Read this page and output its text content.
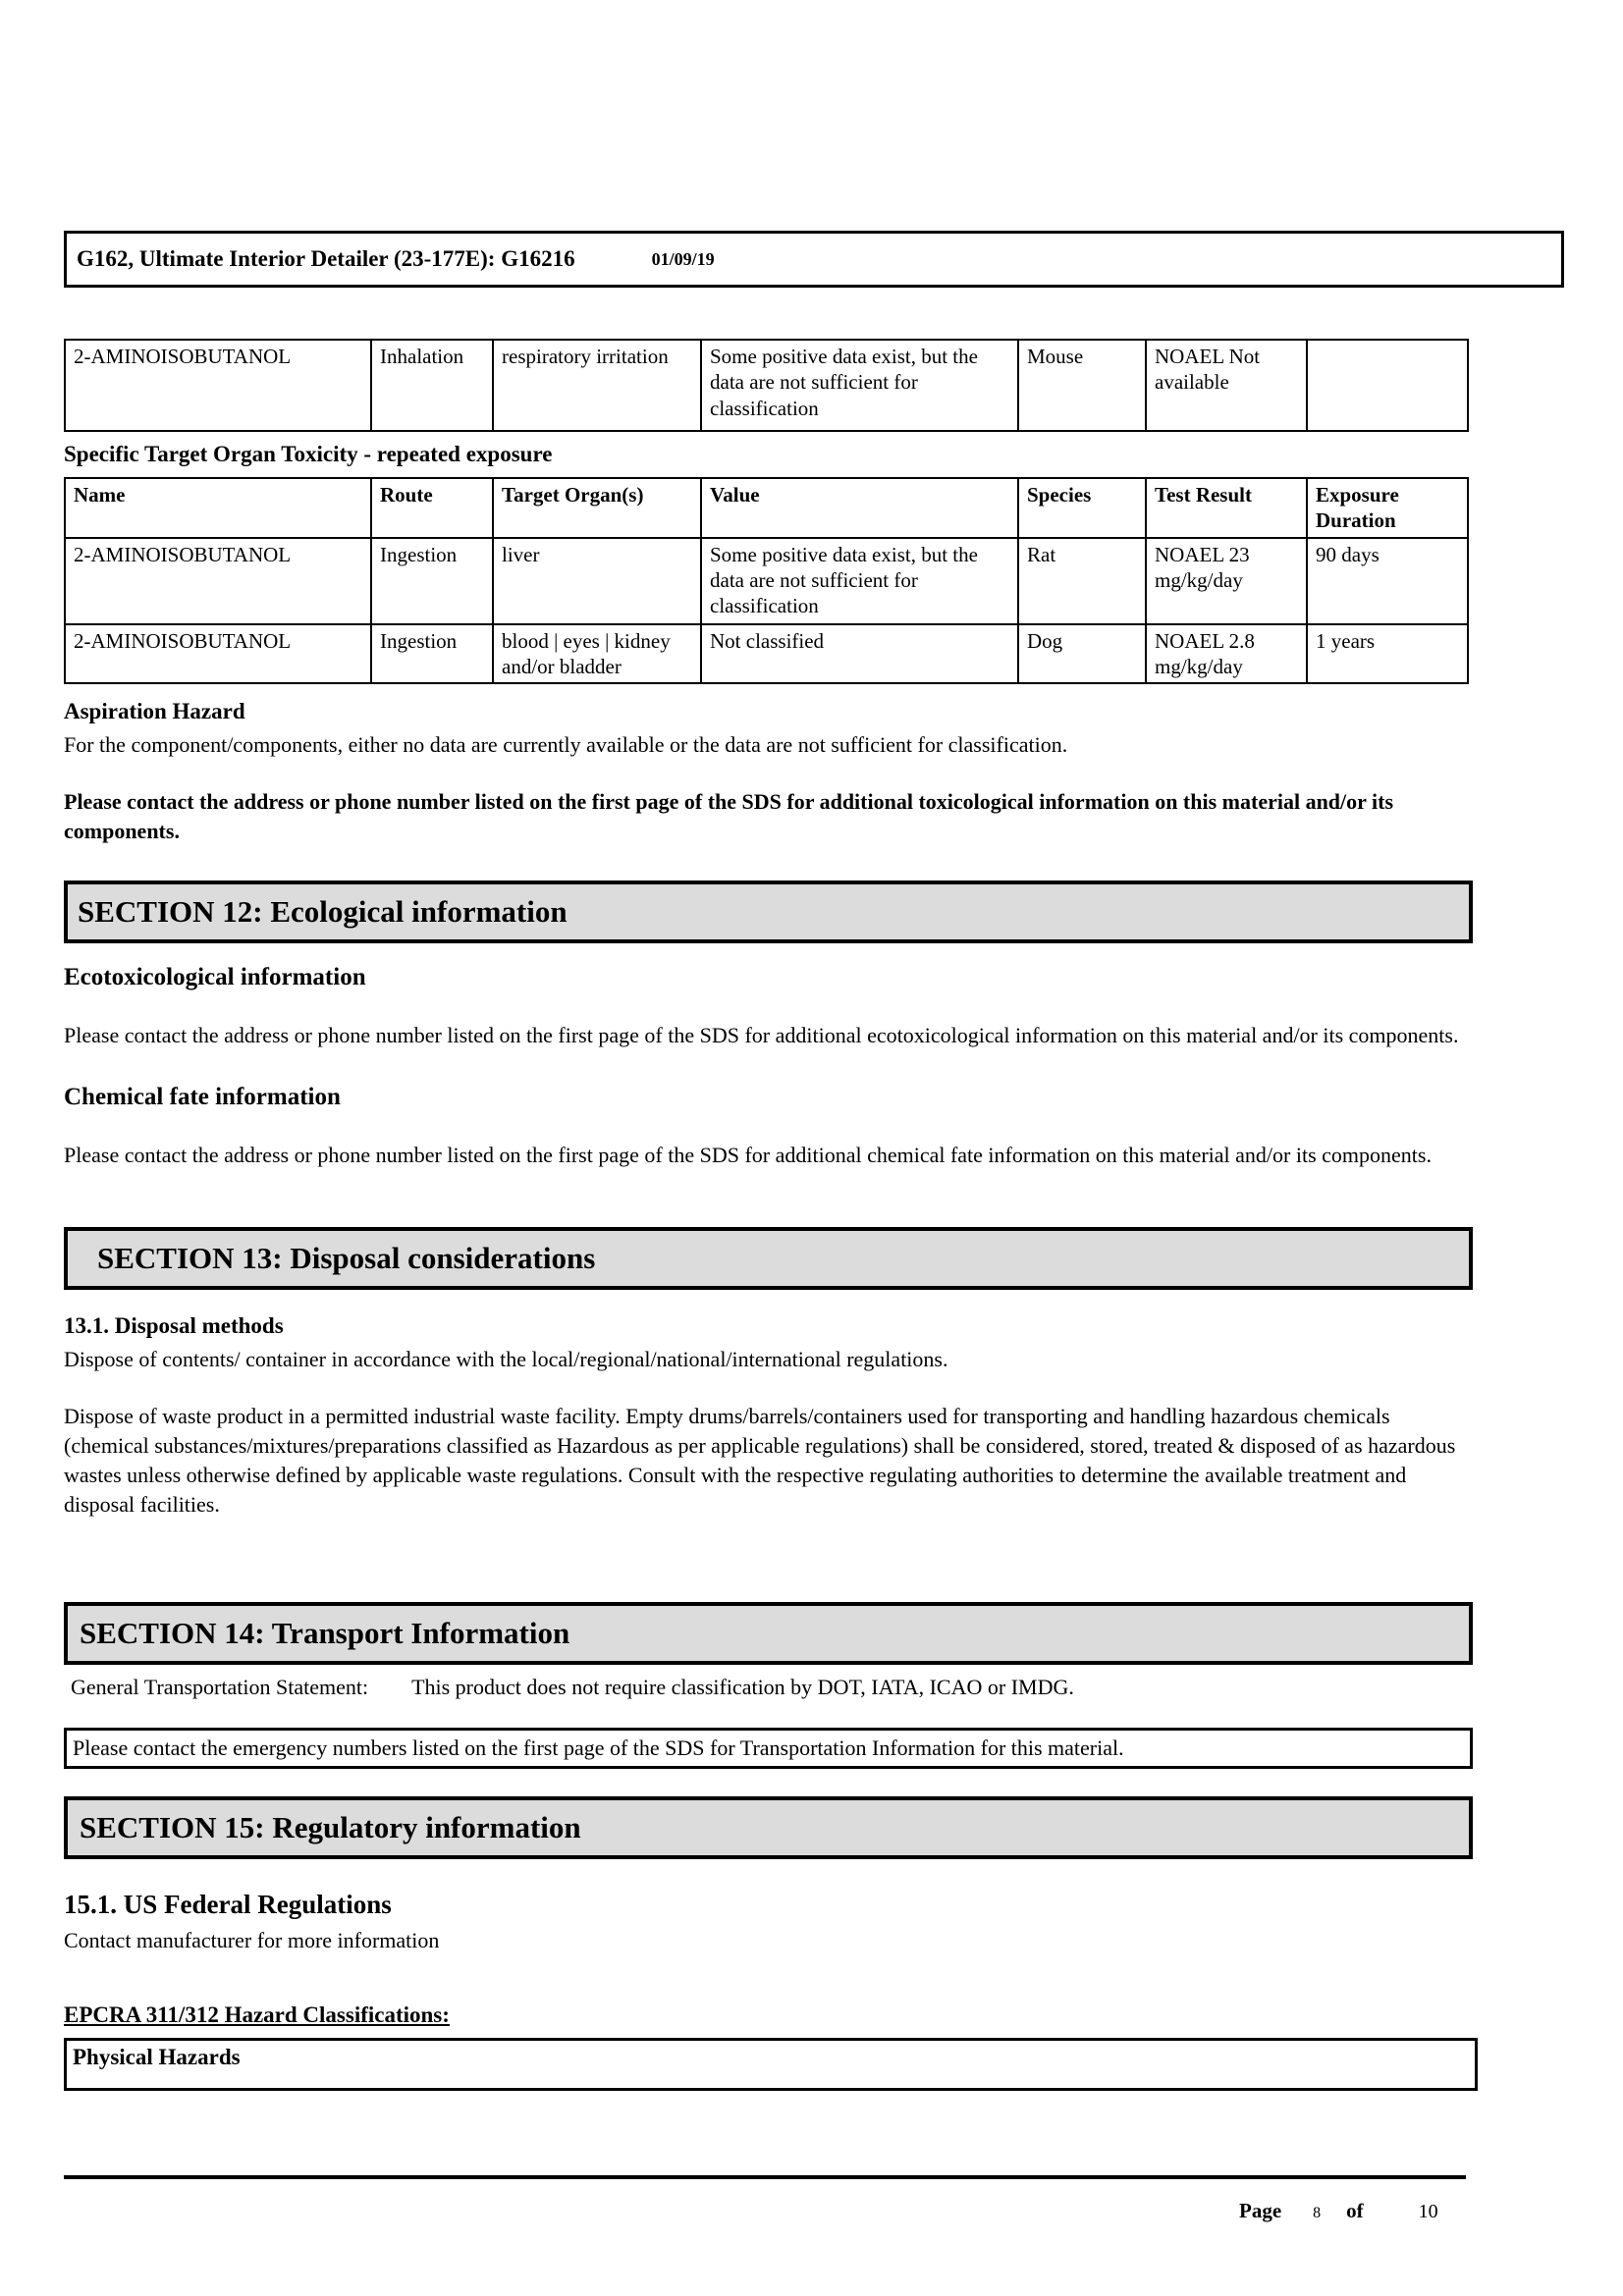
G162, Ultimate Interior Detailer (23-177E): G16216	01/09/19
2-AMINOISOBUTANOL	Inhalation	respiratory irritation	Some positive data exist, but the data are not sufficient for classification	Mouse	NOAEL Not available	
Specific Target Organ Toxicity - repeated exposure
Name	Route	Target Organ(s)	Value	Species	Test Result	Exposure Duration
2-AMINOISOBUTANOL	Ingestion	liver	Some positive data exist, but the data are not sufficient for classification	Rat	NOAEL 23 mg/kg/day	90 days
2-AMINOISOBUTANOL	Ingestion	blood | eyes | kidney and/or bladder	Not classified	Dog	NOAEL 2.8 mg/kg/day	1 years
Aspiration Hazard
For the component/components, either no data are currently available or the data are not sufficient for classification.
Please contact the address or phone number listed on the first page of the SDS for additional toxicological information on this material and/or its components.
SECTION 12: Ecological information
Ecotoxicological information
Please contact the address or phone number listed on the first page of the SDS for additional ecotoxicological information on this material and/or its components.
Chemical fate information
Please contact the address or phone number listed on the first page of the SDS for additional chemical fate information on this material and/or its components.
SECTION 13: Disposal considerations
13.1. Disposal methods
Dispose of contents/ container in accordance with the local/regional/national/international regulations.
Dispose of waste product in a permitted industrial waste facility. Empty drums/barrels/containers used for transporting and handling hazardous chemicals (chemical substances/mixtures/preparations classified as Hazardous as per applicable regulations) shall be considered, stored, treated & disposed of as hazardous wastes unless otherwise defined by applicable waste regulations. Consult with the respective regulating authorities to determine the available treatment and disposal facilities.
SECTION 14: Transport Information
General Transportation Statement: This product does not require classification by DOT, IATA, ICAO or IMDG.
Please contact the emergency numbers listed on the first page of the SDS for Transportation Information for this material.
SECTION 15: Regulatory information
15.1. US Federal Regulations
Contact manufacturer for more information
EPCRA 311/312 Hazard Classifications:
Physical Hazards
Page 8 of	10
